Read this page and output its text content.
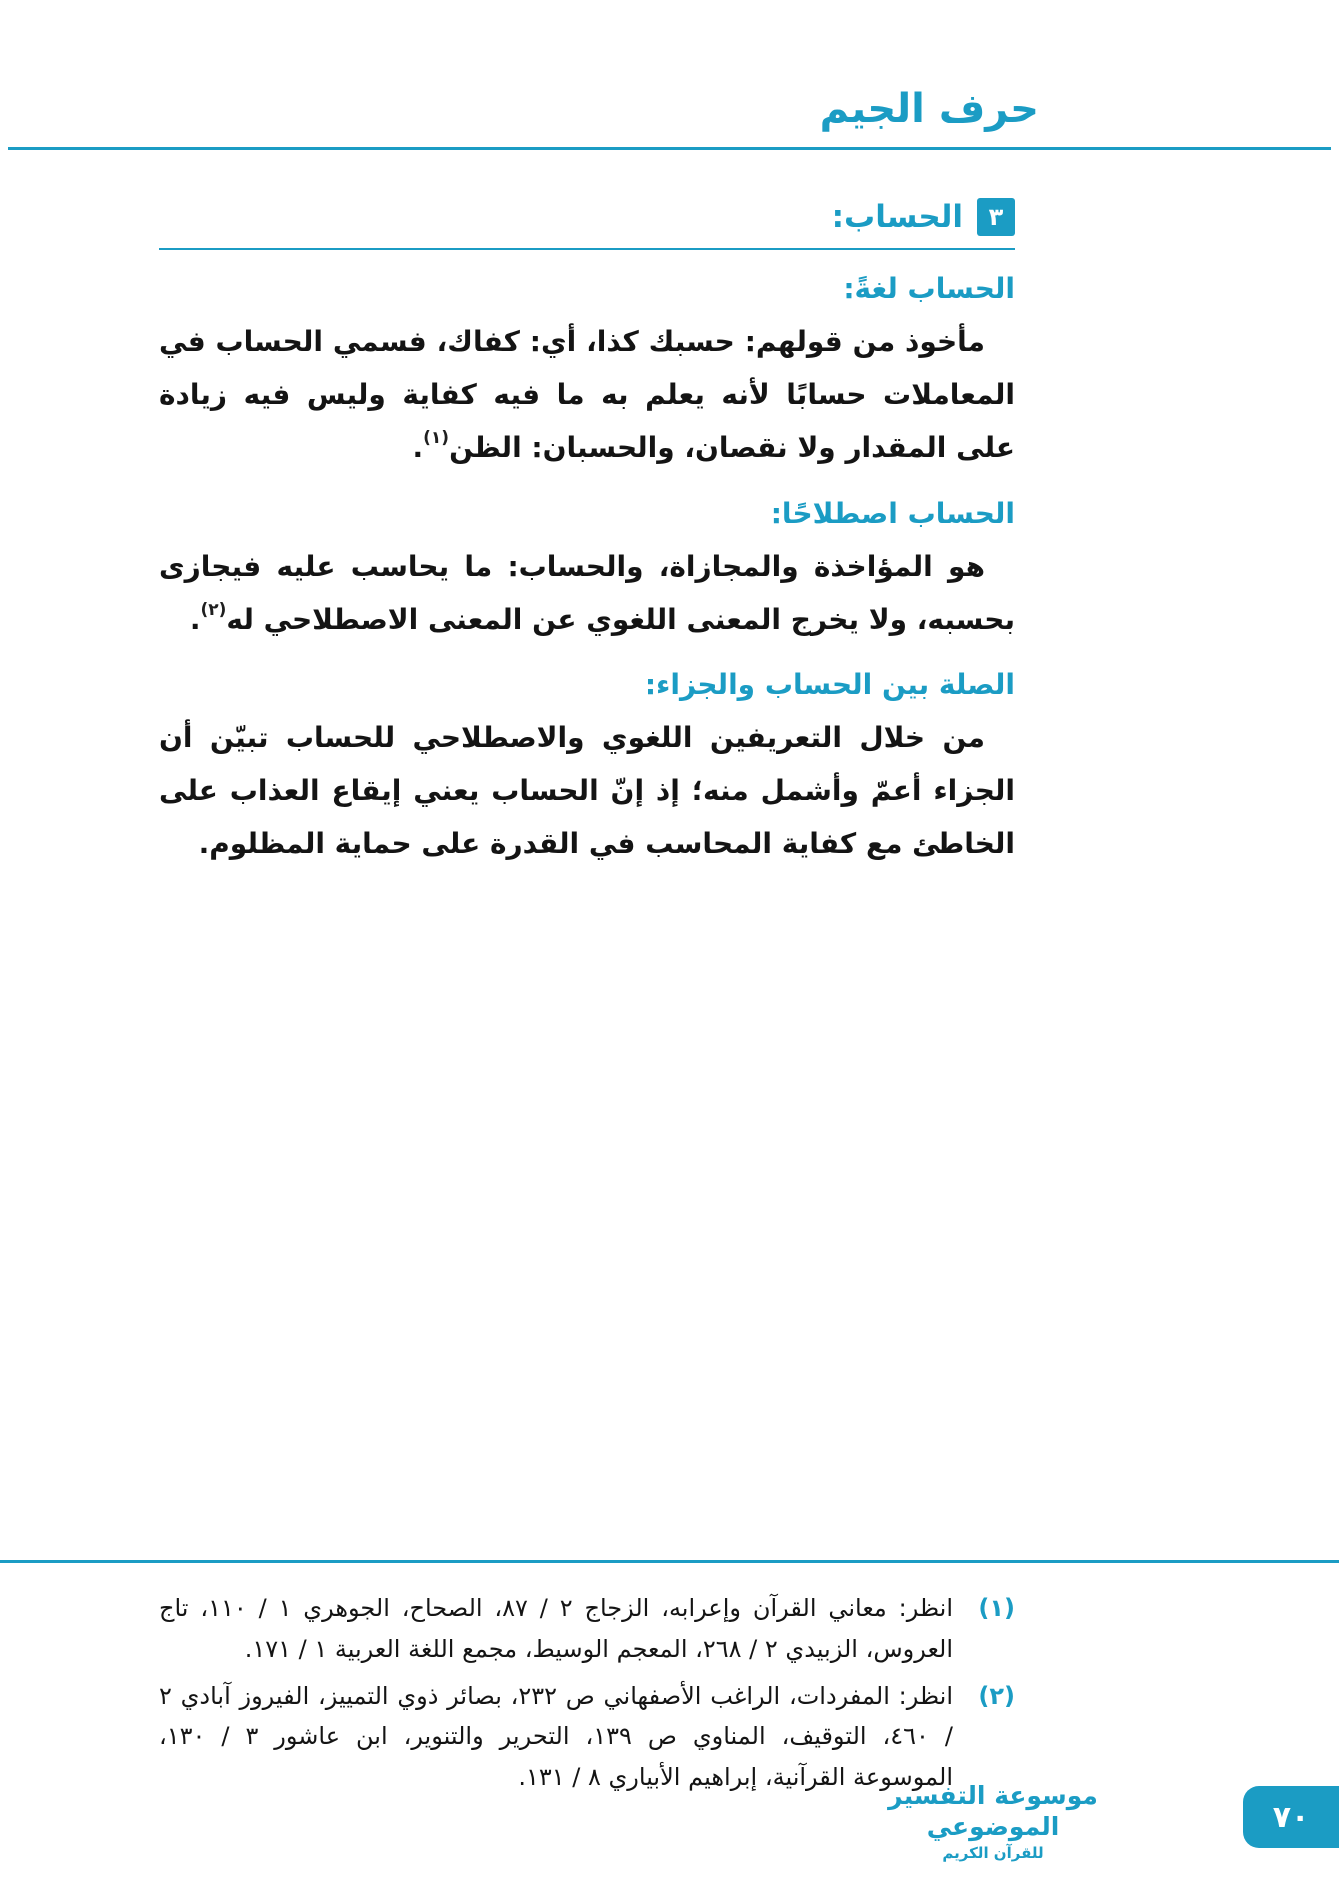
حرف الجيم
٣
الحساب:
الحساب لغةً:

مأخوذ من قولهم: حسبك كذا، أي: كفاك، فسمي الحساب في المعاملات حسابًا لأنه يعلم به ما فيه كفاية وليس فيه زيادة على المقدار ولا نقصان، والحسبان: الظن$^{(١)}$.

الحساب اصطلاحًا:

هو المؤاخذة والمجازاة، والحساب: ما يحاسب عليه فيجازى بحسبه، ولا يخرج المعنى اللغوي عن المعنى الاصطلاحي له$^{(٢)}$.

الصلة بين الحساب والجزاء:

من خلال التعريفين اللغوي والاصطلاحي للحساب تبيّن أن الجزاء أعمّ وأشمل منه؛ إذ إنّ الحساب يعني إيقاع العذاب على الخاطئ مع كفاية المحاسب في القدرة على حماية المظلوم.

(١)
انظر: معاني القرآن وإعرابه، الزجاج ٢ / ٨٧، الصحاح، الجوهري ١ / ١١٠، تاج العروس، الزبيدي ٢ / ٢٦٨، المعجم الوسيط، مجمع اللغة العربية ١ / ١٧١.
(٢)
انظر: المفردات، الراغب الأصفهاني ص ٢٣٢، بصائر ذوي التمييز، الفيروز آبادي ٢ / ٤٦٠، التوقيف، المناوي ص ١٣٩، التحرير والتنوير، ابن عاشور ٣ / ١٣٠، الموسوعة القرآنية، إبراهيم الأبياري ٨ / ١٣١.
موسوعة التفسير الموضوعي
للقرآن الكريم
٧٠
